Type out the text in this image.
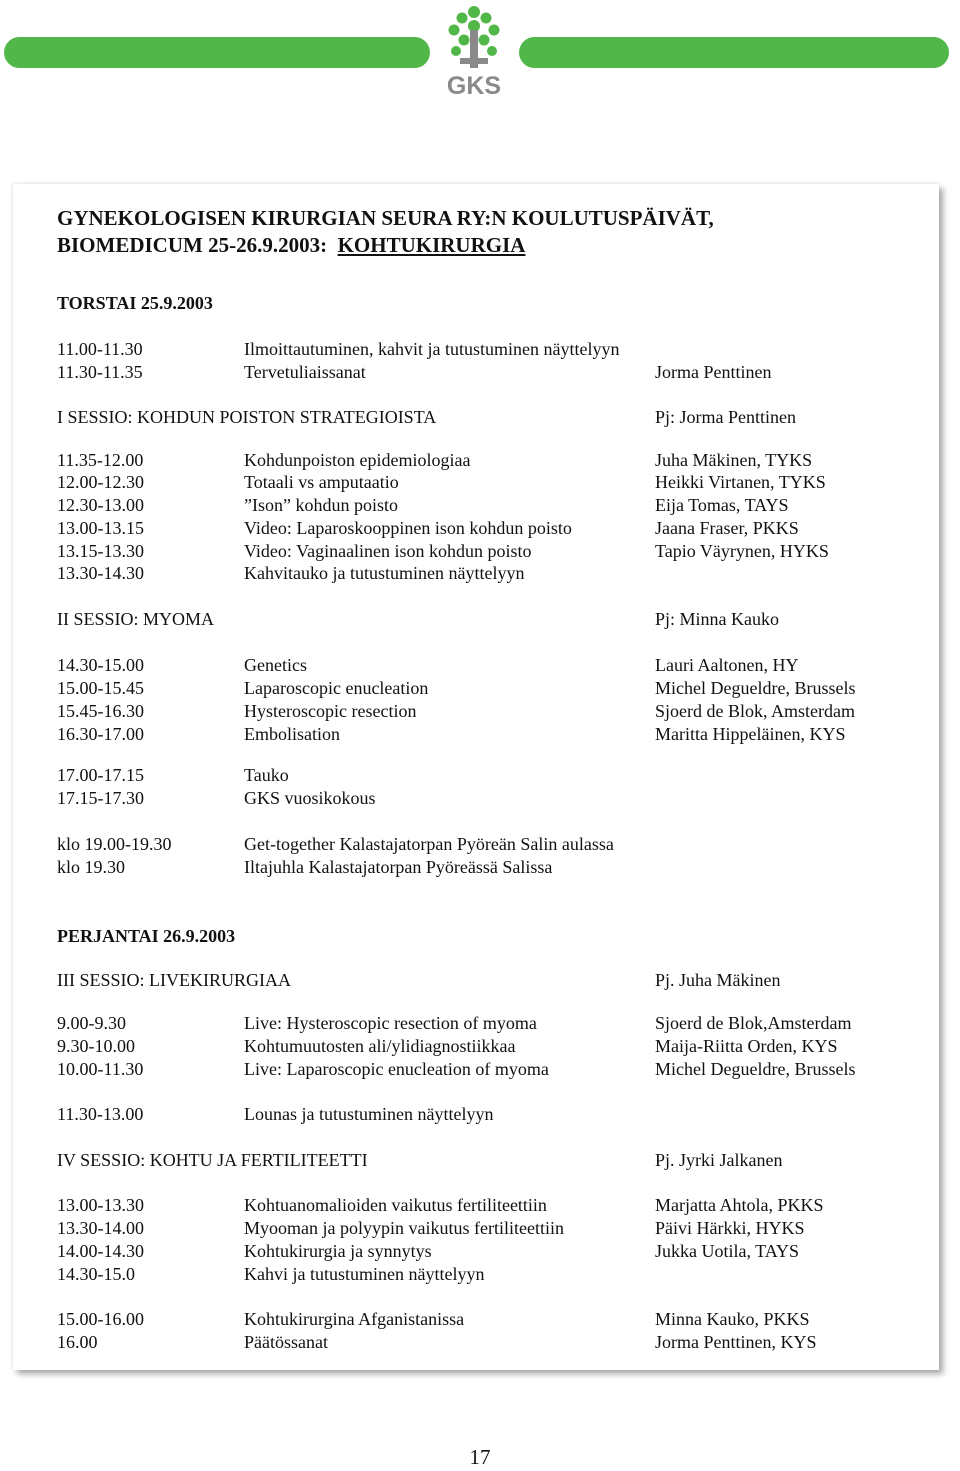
GKS
GYNEKOLOGISEN KIRURGIAN SEURA RY:N KOULUTUSPÄIVÄT,
BIOMEDICUM 25-26.9.2003: KOHTUKIRURGIA
TORSTAI 25.9.2003
11.00-11.30	Ilmoittautuminen, kahvit ja tutustuminen näyttelyyn
11.30-11.35	Tervetuliaissanat	Jorma Penttinen
I SESSIO: KOHDUN POISTON STRATEGIOISTA	Pj: Jorma Penttinen
11.35-12.00	Kohdunpoiston epidemiologiaa	Juha Mäkinen, TYKS
12.00-12.30	Totaali vs amputaatio	Heikki Virtanen, TYKS
12.30-13.00	”Ison” kohdun poisto	Eija Tomas, TAYS
13.00-13.15	Video: Laparoskooppinen ison kohdun poisto	Jaana Fraser, PKKS
13.15-13.30	Video: Vaginaalinen ison kohdun poisto	Tapio Väyrynen, HYKS
13.30-14.30	Kahvitauko ja tutustuminen näyttelyyn
II SESSIO: MYOMA	Pj: Minna Kauko
14.30-15.00	Genetics	Lauri Aaltonen, HY
15.00-15.45	Laparoscopic enucleation	Michel Degueldre, Brussels
15.45-16.30	Hysteroscopic resection	Sjoerd de Blok, Amsterdam
16.30-17.00	Embolisation	Maritta Hippeläinen, KYS
17.00-17.15	Tauko
17.15-17.30	GKS vuosikokous
klo 19.00-19.30	Get-together Kalastajatorpan Pyöreän Salin aulassa
klo 19.30	Iltajuhla Kalastajatorpan Pyöreässä Salissa
PERJANTAI 26.9.2003
III SESSIO: LIVEKIRURGIAA	Pj. Juha Mäkinen
9.00-9.30	Live: Hysteroscopic resection of myoma	Sjoerd de Blok,Amsterdam
9.30-10.00	Kohtumuutosten ali/ylidiagnostiikkaa	Maija-Riitta Orden, KYS
10.00-11.30	Live: Laparoscopic enucleation of myoma	Michel Degueldre, Brussels
11.30-13.00	Lounas ja tutustuminen näyttelyyn
IV SESSIO: KOHTU JA FERTILITEETTI	Pj. Jyrki Jalkanen
13.00-13.30	Kohtuanomalioiden vaikutus fertiliteettiin	Marjatta Ahtola, PKKS
13.30-14.00	Myooman ja polyypin vaikutus fertiliteettiin	Päivi Härkki, HYKS
14.00-14.30	Kohtukirurgia ja synnytys	Jukka Uotila, TAYS
14.30-15.0	Kahvi ja tutustuminen näyttelyyn
15.00-16.00	Kohtukirurgina Afganistanissa	Minna Kauko, PKKS
16.00	Päätössanat	Jorma Penttinen, KYS
17
